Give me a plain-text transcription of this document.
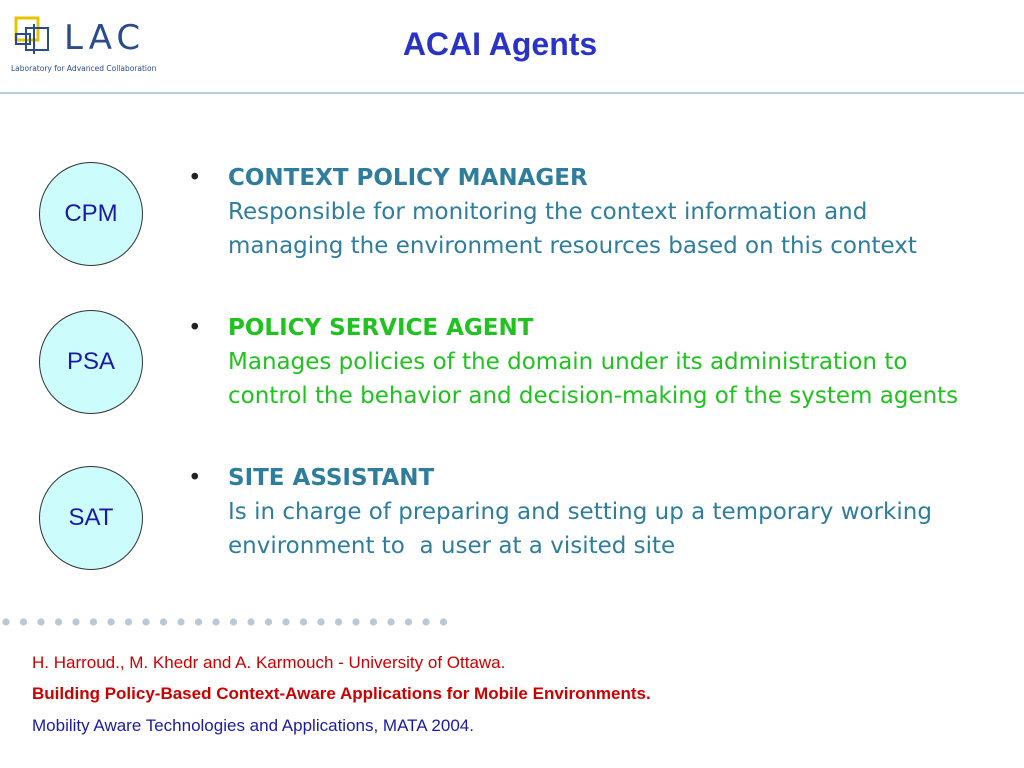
LAC
Laboratory for Advanced Collaboration
ACAI Agents
CPM
PSA
SAT
•	CONTEXT POLICY MANAGER
Responsible for monitoring the context information and managing the environment resources based on this context
•	POLICY SERVICE AGENT
Manages policies of the domain under its administration to control the behavior and decision-making of the system agents
•	SITE ASSISTANT
Is in charge of preparing and setting up a temporary working environment to  a user at a visited site
H. Harroud., M. Khedr and A. Karmouch - University of Ottawa.
Building Policy-Based Context-Aware Applications for Mobile Environments.
Mobility Aware Technologies and Applications, MATA 2004.
